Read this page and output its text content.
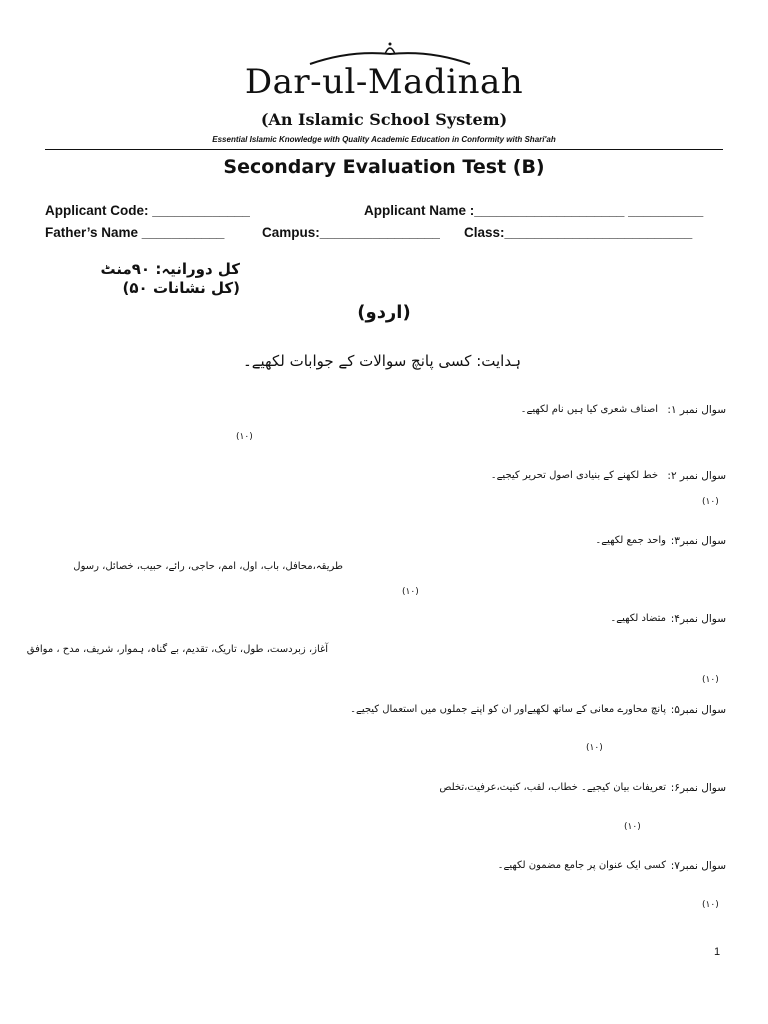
Dar-ul-Madinah
(An Islamic School System)
Essential Islamic Knowledge with Quality Academic Education in Conformity with Shari'ah
Secondary Evaluation Test (B)
Applicant Code: _____________	Applicant Name :____________________ __________
Father’s Name ___________	Campus:________________ Class:_________________________
کل دورانیہ: ۹۰منٹ
(کل نشانات ۵۰)
(اردو)
ہدایت: کسی پانچ سوالات کے جوابات لکھیے۔
سوال نمبر ۱:
اصناف شعری کیا ہیں نام لکھیے۔
(۱۰)
سوال نمبر ۲:
خط لکھنے کے بنیادی اصول تحریر کیجیے۔
(۱۰)
سوال نمبر۳:
واحد جمع لکھیے۔
طریقہ،محافل، باب، اول، امم، حاجی، رائے، حبیب، خصائل، رسول
(۱۰)
سوال نمبر۴:
متضاد لکھیے۔
آغاز، زبردست، طول، تاریک، تقدیم، بے گناہ، ہموار، شریف، مدح ، موافق
(۱۰)
سوال نمبر۵:
پانچ محاورے معانی کے ساتھ لکھیےاور ان کو اپنے جملوں میں استعمال کیجیے۔
(۱۰)
سوال نمبر۶:
تعریفات بیان کیجیے۔ خطاب، لقب، کنیت،عرفیت،تخلص
(۱۰)
سوال نمبر۷:
کسی ایک عنوان پر جامع مضمون لکھیے۔
(۱۰)
1
